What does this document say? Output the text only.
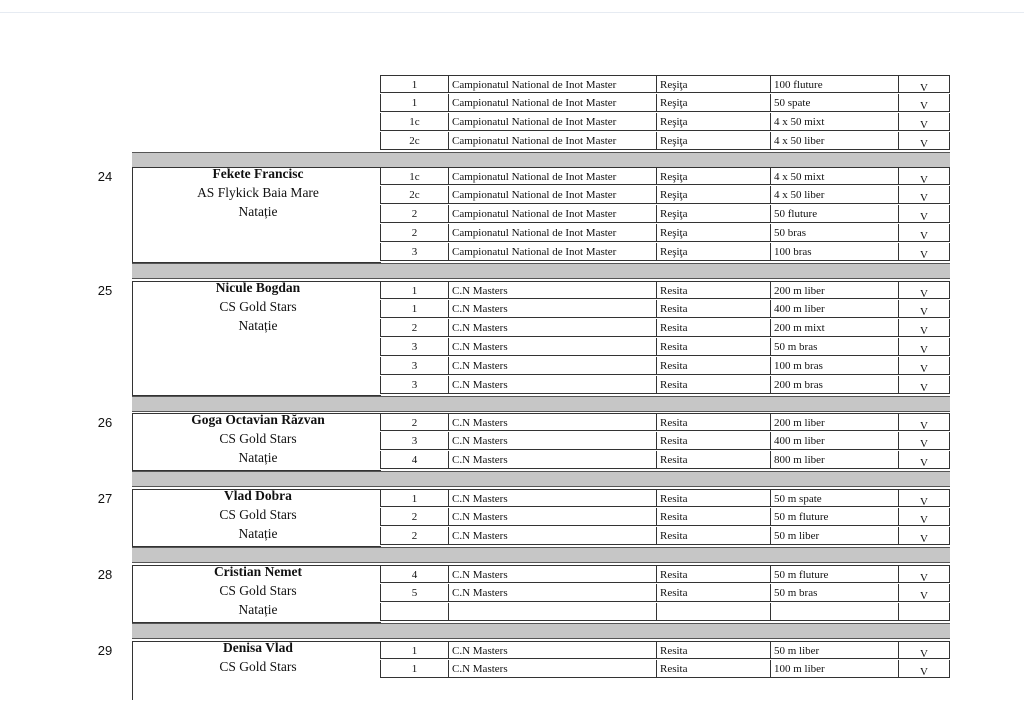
1	Campionatul National de Inot Master	Reşiţa	100 fluture	V
1	Campionatul National de Inot Master	Reşiţa	50 spate	V
1c	Campionatul National de Inot Master	Reşiţa	4 x 50 mixt	V
2c	Campionatul National de Inot Master	Reşiţa	4 x 50 liber	V
24	Fekete Francisc
AS Flykick Baia Mare
Natație
1c	Campionatul National de Inot Master	Reşiţa	4 x 50 mixt	V
2c	Campionatul National de Inot Master	Reşiţa	4 x 50 liber	V
2	Campionatul National de Inot Master	Reşiţa	50 fluture	V
2	Campionatul National de Inot Master	Reşiţa	50 bras	V
3	Campionatul National de Inot Master	Reşiţa	100 bras	V
25	Nicule Bogdan
CS Gold Stars
Natație
1	C.N Masters	Resita	200 m liber	V
1	C.N Masters	Resita	400 m liber	V
2	C.N Masters	Resita	200 m mixt	V
3	C.N Masters	Resita	50 m bras	V
3	C.N Masters	Resita	100 m bras	V
3	C.N Masters	Resita	200 m bras	V
26	Goga Octavian Răzvan
CS Gold Stars
Natație
2	C.N Masters	Resita	200 m liber	V
3	C.N Masters	Resita	400 m liber	V
4	C.N Masters	Resita	800 m liber	V
27	Vlad Dobra
CS Gold Stars
Natație
1	C.N Masters	Resita	50 m spate	V
2	C.N Masters	Resita	50 m fluture	V
2	C.N Masters	Resita	50 m liber	V
28	Cristian Nemet
CS Gold Stars
Natație
4	C.N Masters	Resita	50 m fluture	V
5	C.N Masters	Resita	50 m bras	V
29	Denisa Vlad
CS Gold Stars
1	C.N Masters	Resita	50 m liber	V
1	C.N Masters	Resita	100 m liber	V
